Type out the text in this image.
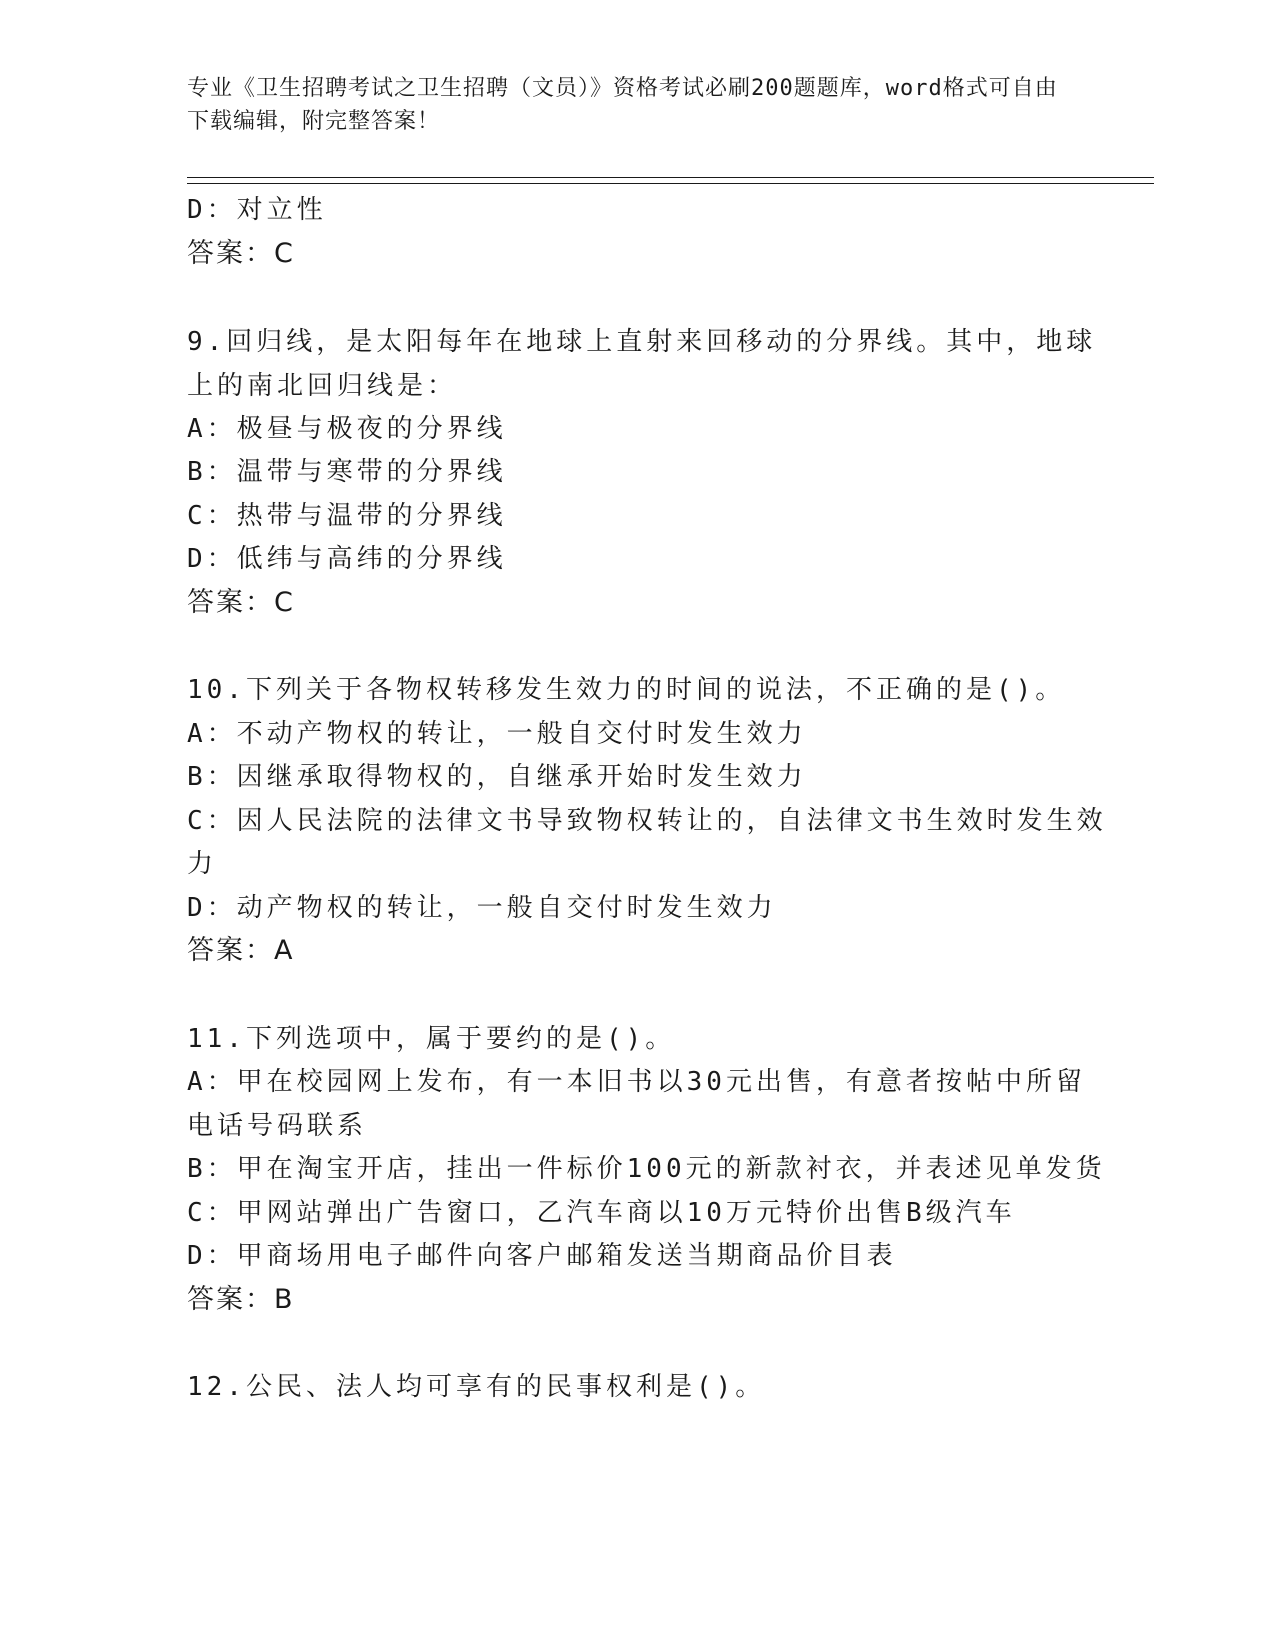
专业《卫生招聘考试之卫生招聘（文员）》资格考试必刷200题题库，word格式可自由下载编辑，附完整答案！
D：对立性
答案：C
9.回归线，是太阳每年在地球上直射来回移动的分界线。其中，地球
上的南北回归线是：
A：极昼与极夜的分界线
B：温带与寒带的分界线
C：热带与温带的分界线
D：低纬与高纬的分界线
答案：C
10.下列关于各物权转移发生效力的时间的说法，不正确的是()。
A：不动产物权的转让，一般自交付时发生效力
B：因继承取得物权的，自继承开始时发生效力
C：因人民法院的法律文书导致物权转让的，自法律文书生效时发生效
力
D：动产物权的转让，一般自交付时发生效力
答案：A
11.下列选项中，属于要约的是()。
A：甲在校园网上发布，有一本旧书以30元出售，有意者按帖中所留
电话号码联系
B：甲在淘宝开店，挂出一件标价100元的新款衬衣，并表述见单发货
C：甲网站弹出广告窗口，乙汽车商以10万元特价出售B级汽车
D：甲商场用电子邮件向客户邮箱发送当期商品价目表
答案：B
12.公民、法人均可享有的民事权利是()。
